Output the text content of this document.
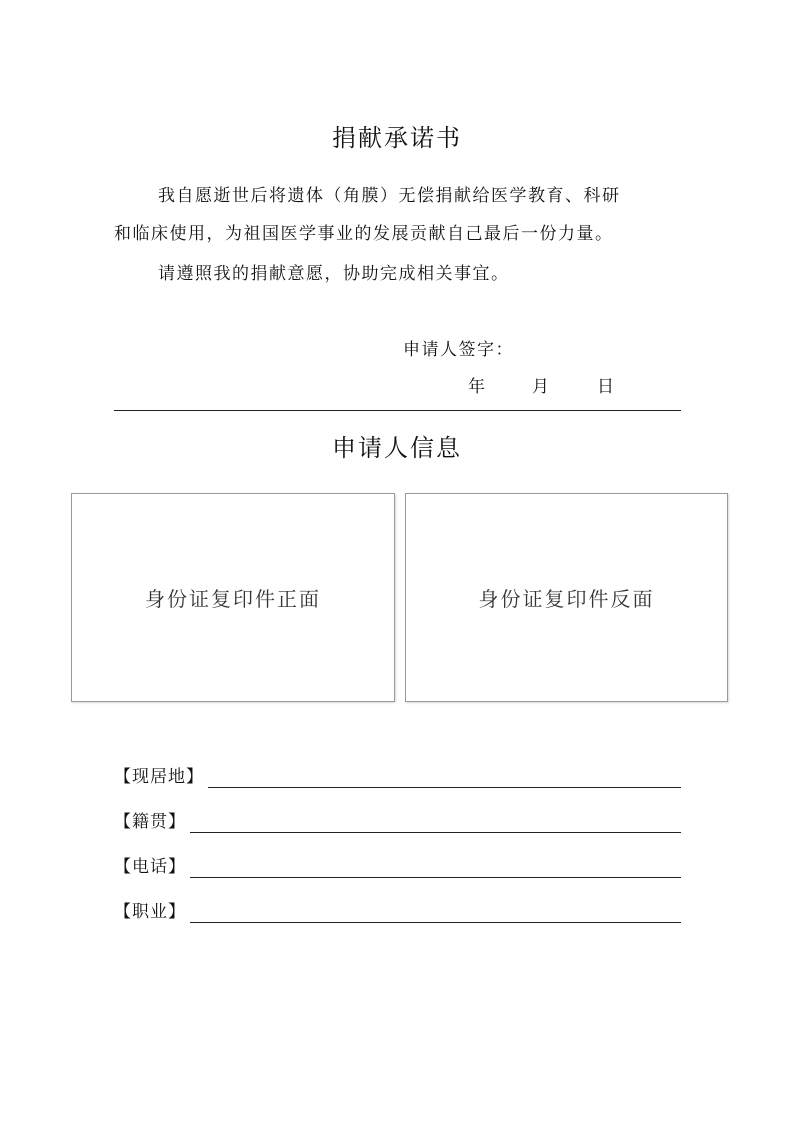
捐献承诺书
我自愿逝世后将遗体（角膜）无偿捐献给医学教育、科研
和临床使用，为祖国医学事业的发展贡献自己最后一份力量。
请遵照我的捐献意愿，协助完成相关事宜。
申请人签字：
年	月	日
申请人信息
身份证复印件正面	身份证复印件反面
【现居地】
【籍贯】
【电话】
【职业】
